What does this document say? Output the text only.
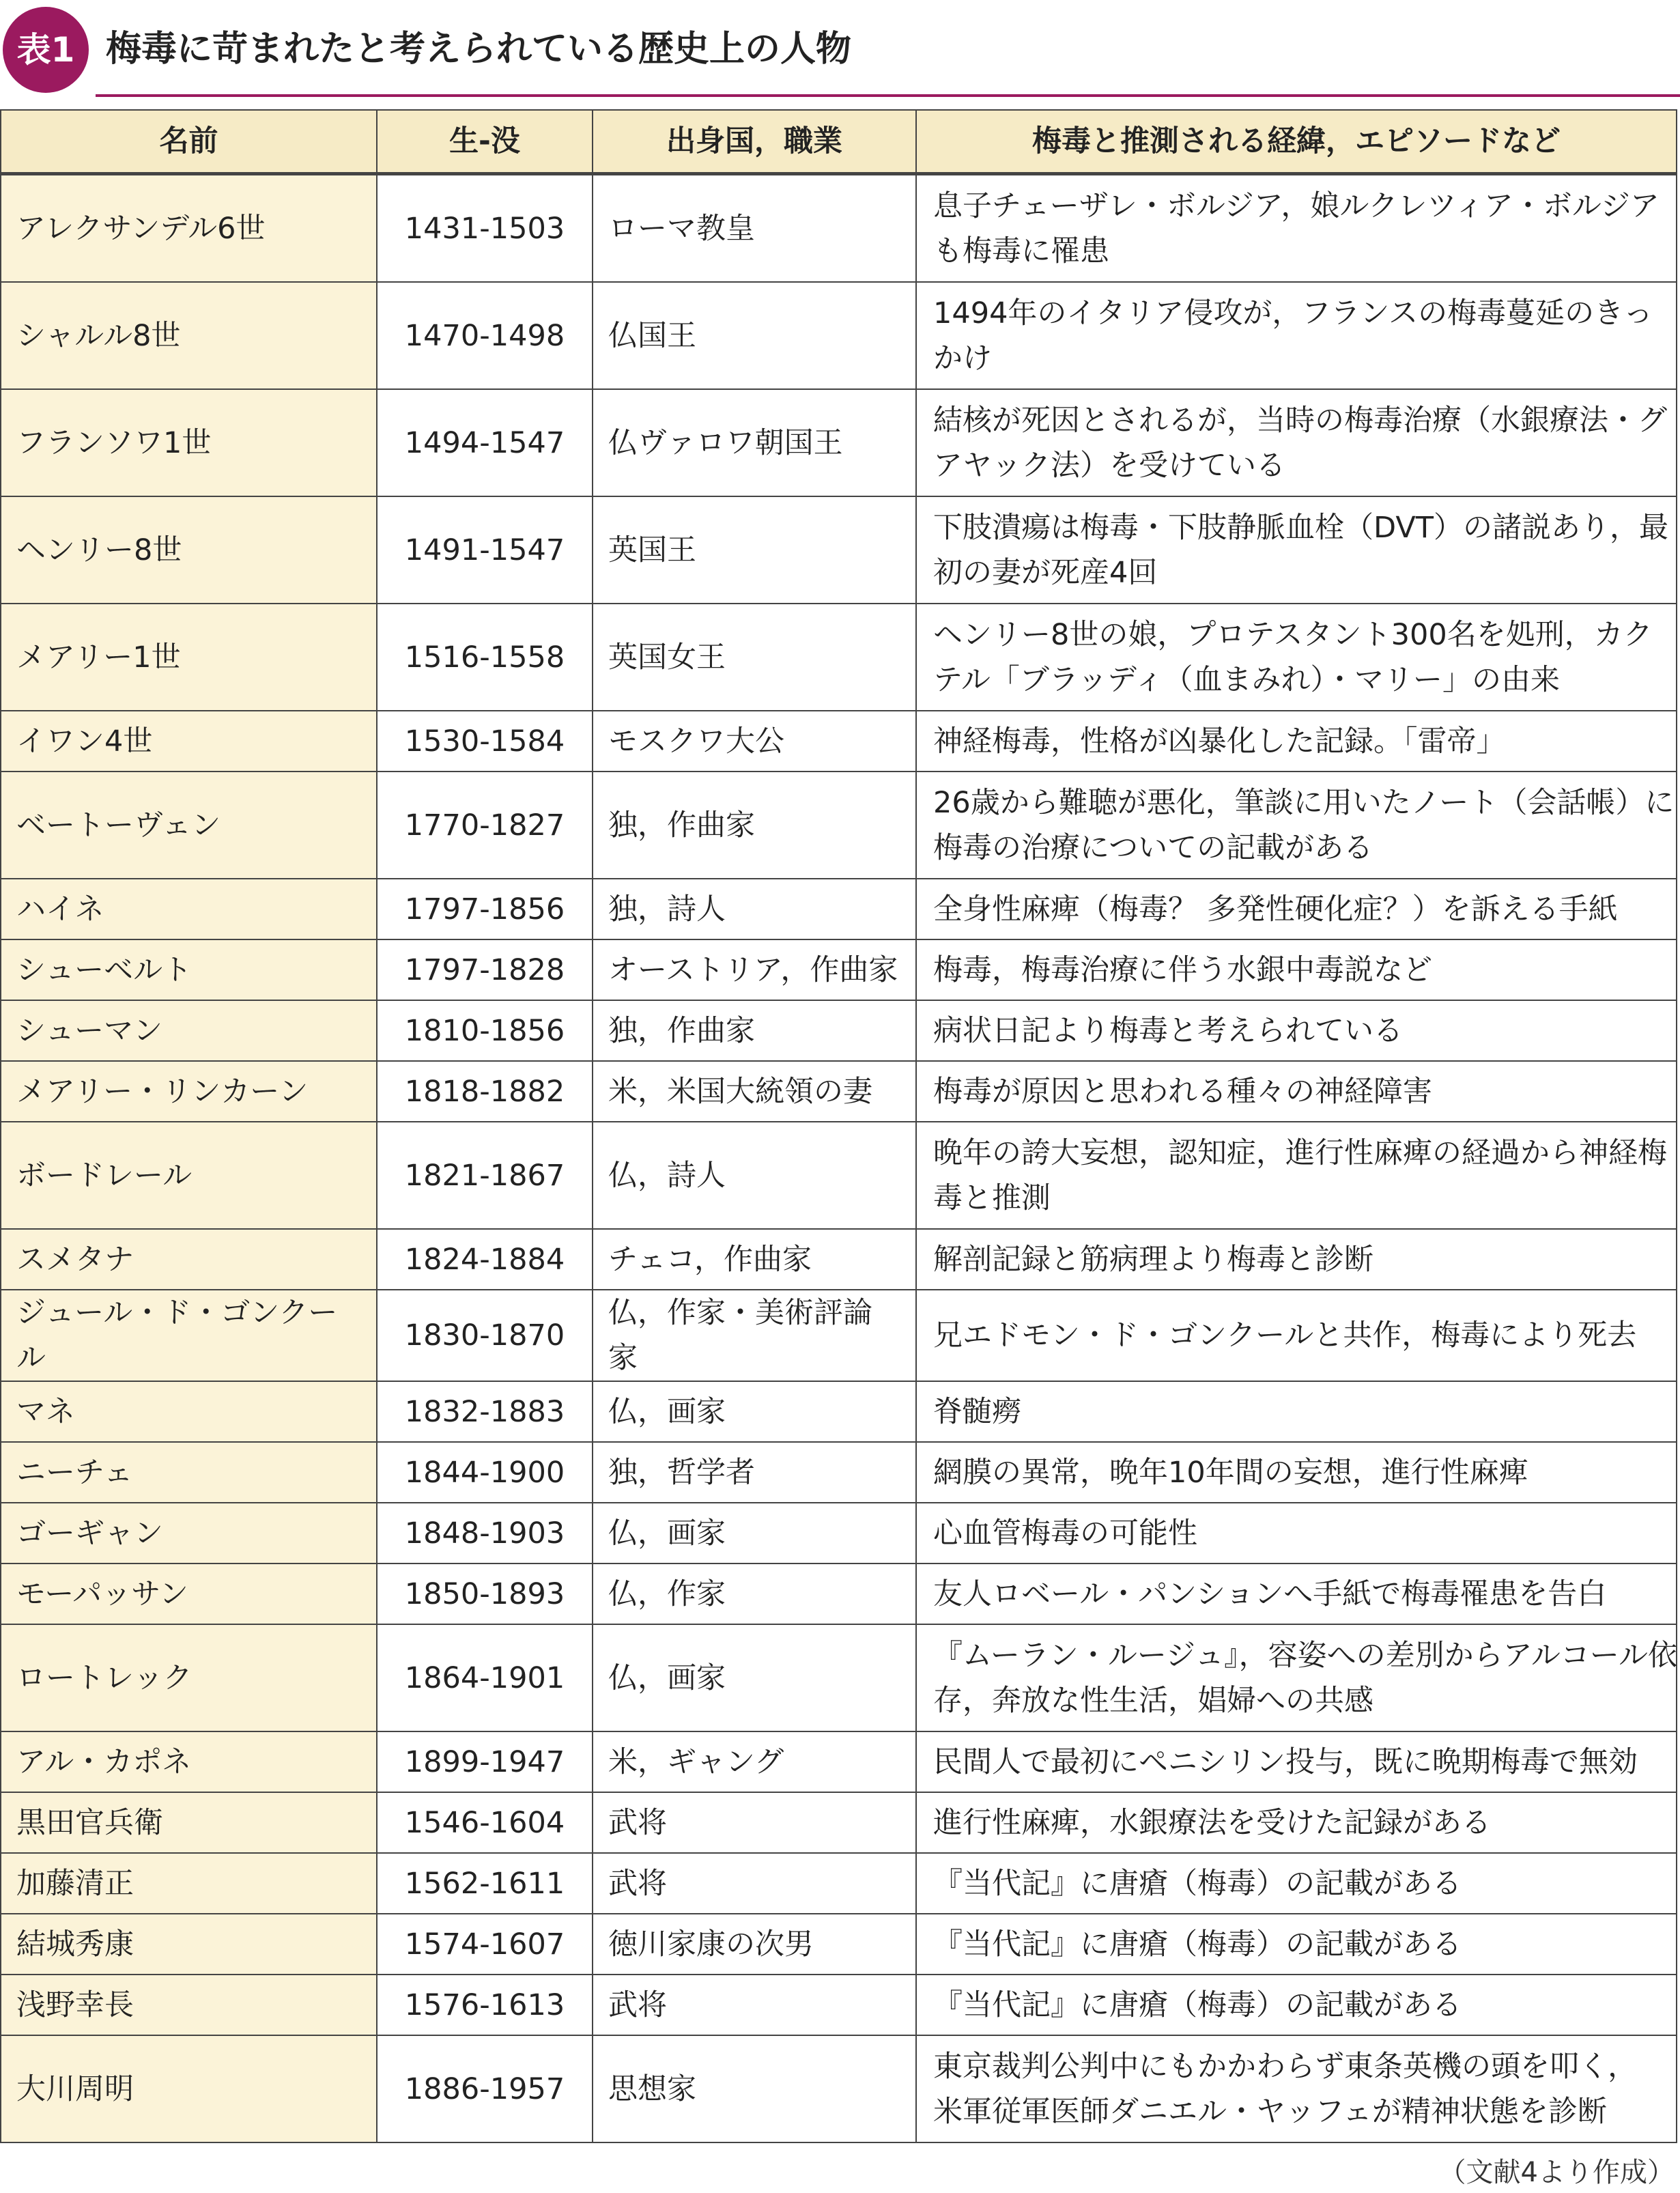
表1 梅毒に苛まれたと考えられている歴史上の人物
名前	生-没	出身国，職業	梅毒と推測される経緯，エピソードなど
アレクサンデル6世	1431-1503	ローマ教皇	息子チェーザレ・ボルジア，娘ルクレツィア・ボルジア
も梅毒に罹患

シャルル8世	1470-1498	仏国王	1494年のイタリア侵攻が，フランスの梅毒蔓延のきっ
かけ

フランソワ1世	1494-1547	仏ヴァロワ朝国王	結核が死因とされるが，当時の梅毒治療（水銀療法・グ
アヤック法）を受けている

ヘンリー8世	1491-1547	英国王	下肢潰瘍は梅毒・下肢静脈血栓（DVT）の諸説あり，最
初の妻が死産4回

メアリー1世	1516-1558	英国女王	ヘンリー8世の娘，プロテスタント300名を処刑，カク
テル「ブラッディ（血まみれ）・マリー」の由来

イワン4世	1530-1584	モスクワ大公	神経梅毒，性格が凶暴化した記録。「雷帝」

ベートーヴェン	1770-1827	独，作曲家	26歳から難聴が悪化，筆談に用いたノート（会話帳）に
梅毒の治療についての記載がある

ハイネ	1797-1856	独，詩人	全身性麻痺（梅毒？ 多発性硬化症？）を訴える手紙

シューベルト	1797-1828	オーストリア，作曲家	梅毒，梅毒治療に伴う水銀中毒説など

シューマン	1810-1856	独，作曲家	病状日記より梅毒と考えられている

メアリー・リンカーン	1818-1882	米，米国大統領の妻	梅毒が原因と思われる種々の神経障害

ボードレール	1821-1867	仏，詩人	晩年の誇大妄想，認知症，進行性麻痺の経過から神経梅
毒と推測

スメタナ	1824-1884	チェコ，作曲家	解剖記録と筋病理より梅毒と診断

ジュール・ド・ゴンクール	1830-1870	仏，作家・美術評論家	兄エドモン・ド・ゴンクールと共作，梅毒により死去

マネ	1832-1883	仏，画家	脊髄癆

ニーチェ	1844-1900	独，哲学者	網膜の異常，晩年10年間の妄想，進行性麻痺

ゴーギャン	1848-1903	仏，画家	心血管梅毒の可能性

モーパッサン	1850-1893	仏，作家	友人ロベール・パンションへ手紙で梅毒罹患を告白

ロートレック	1864-1901	仏，画家	『ムーラン・ルージュ』，容姿への差別からアルコール依
存，奔放な性生活，娼婦への共感

アル・カポネ	1899-1947	米，ギャング	民間人で最初にペニシリン投与，既に晩期梅毒で無効

黒田官兵衛	1546-1604	武将	進行性麻痺，水銀療法を受けた記録がある

加藤清正	1562-1611	武将	『当代記』に唐瘡（梅毒）の記載がある

結城秀康	1574-1607	徳川家康の次男	『当代記』に唐瘡（梅毒）の記載がある

浅野幸長	1576-1613	武将	『当代記』に唐瘡（梅毒）の記載がある

大川周明	1886-1957	思想家	東京裁判公判中にもかかわらず東条英機の頭を叩く，
米軍従軍医師ダニエル・ヤッフェが精神状態を診断
（文献4より作成）
